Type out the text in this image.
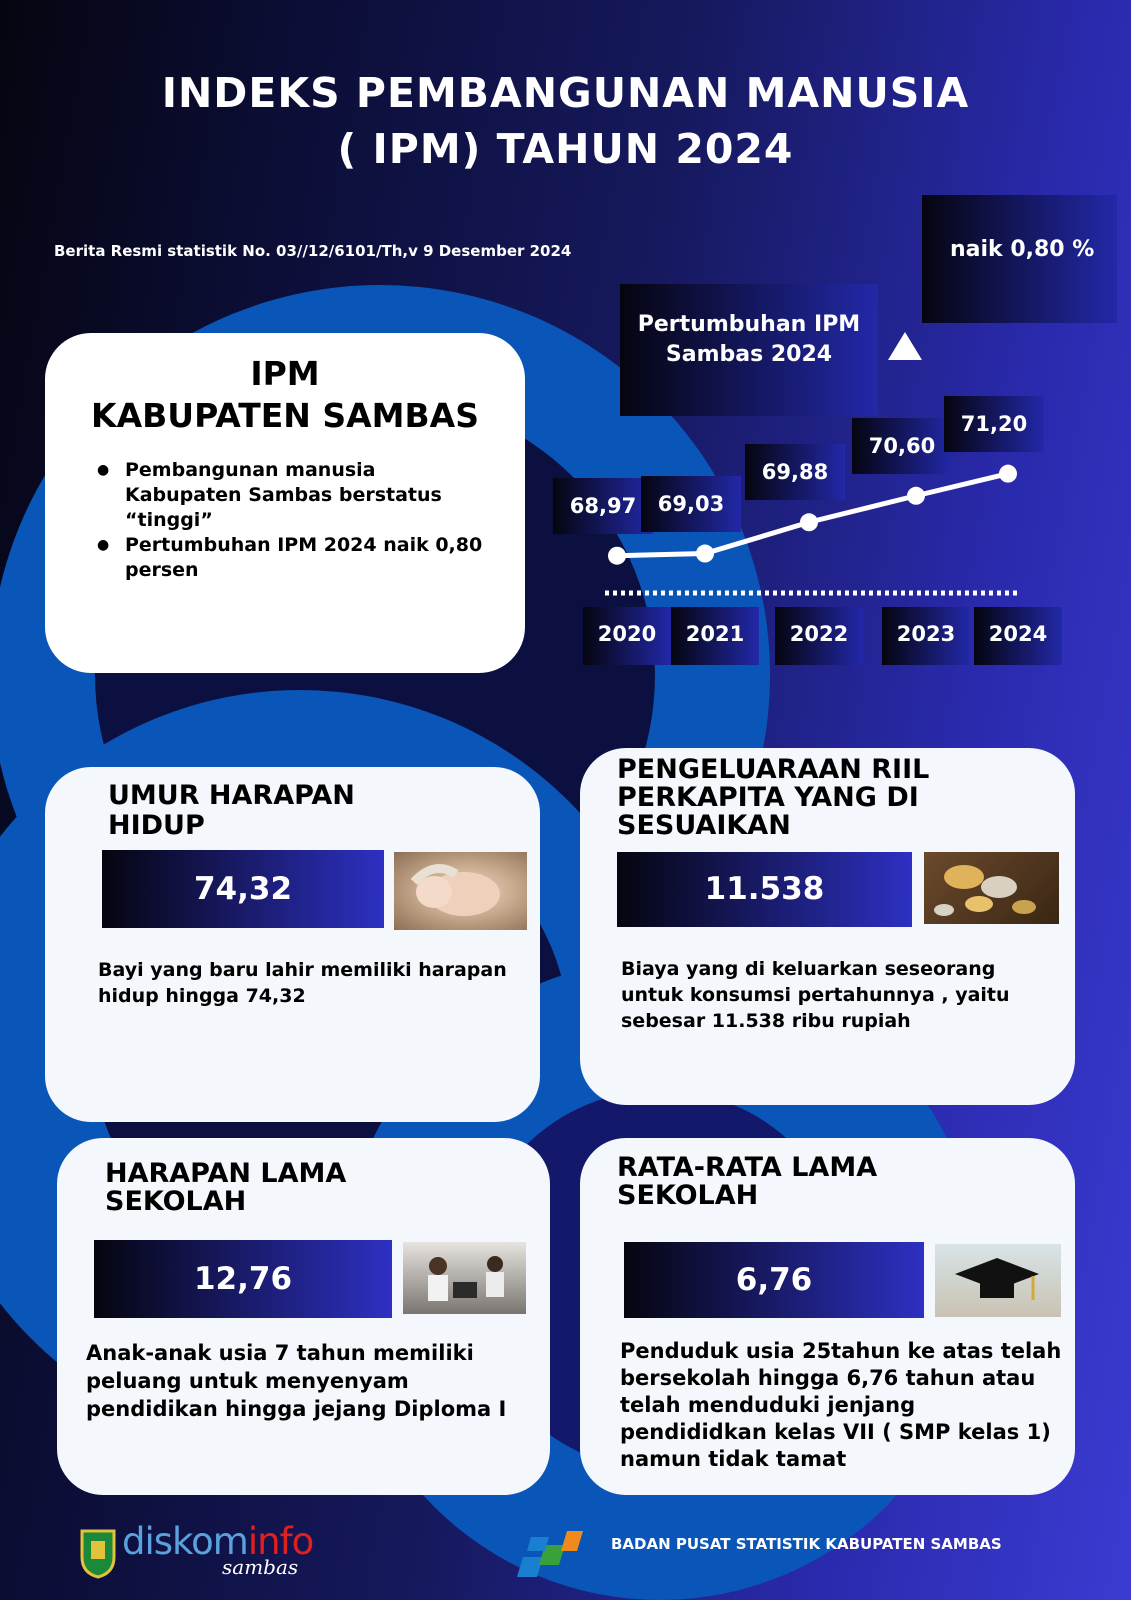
INDEKS PEMBANGUNAN MANUSIA
( IPM) TAHUN 2024
Berita Resmi statistik No. 03//12/6101/Th,v 9 Desember 2024	naik 0,80 %
Pertumbuhan IPM
Sambas 2024
68,97
2020
69,03
2021
69,88
2022
70,60
2023
71,20
2024
IPM
KABUPATEN SAMBAS
● Pembangunan manusia Kabupaten Sambas berstatus “tinggi”
● Pertumbuhan IPM 2024 naik 0,80 persen
UMUR HARAPAN
HIDUP
74,32

Bayi yang baru lahir memiliki harapan hidup hingga 74,32

PENGELUARAAN RIIL
PERKAPITA YANG DI
SESUAIKAN
11.538

Biaya yang di keluarkan seseorang untuk konsumsi pertahunnya , yaitu sebesar 11.538 ribu rupiah

HARAPAN LAMA
SEKOLAH
12,76

Anak-anak usia 7 tahun memiliki peluang untuk menyenyam pendidikan hingga jejang Diploma I

RATA-RATA LAMA
SEKOLAH
6,76

Penduduk usia 25tahun ke atas telah bersekolah hingga 6,76 tahun atau telah menduduki jenjang pendididkan kelas VII ( SMP kelas 1) namun tidak tamat

diskominfo
sambas
BADAN PUSAT STATISTIK KABUPATEN SAMBAS
